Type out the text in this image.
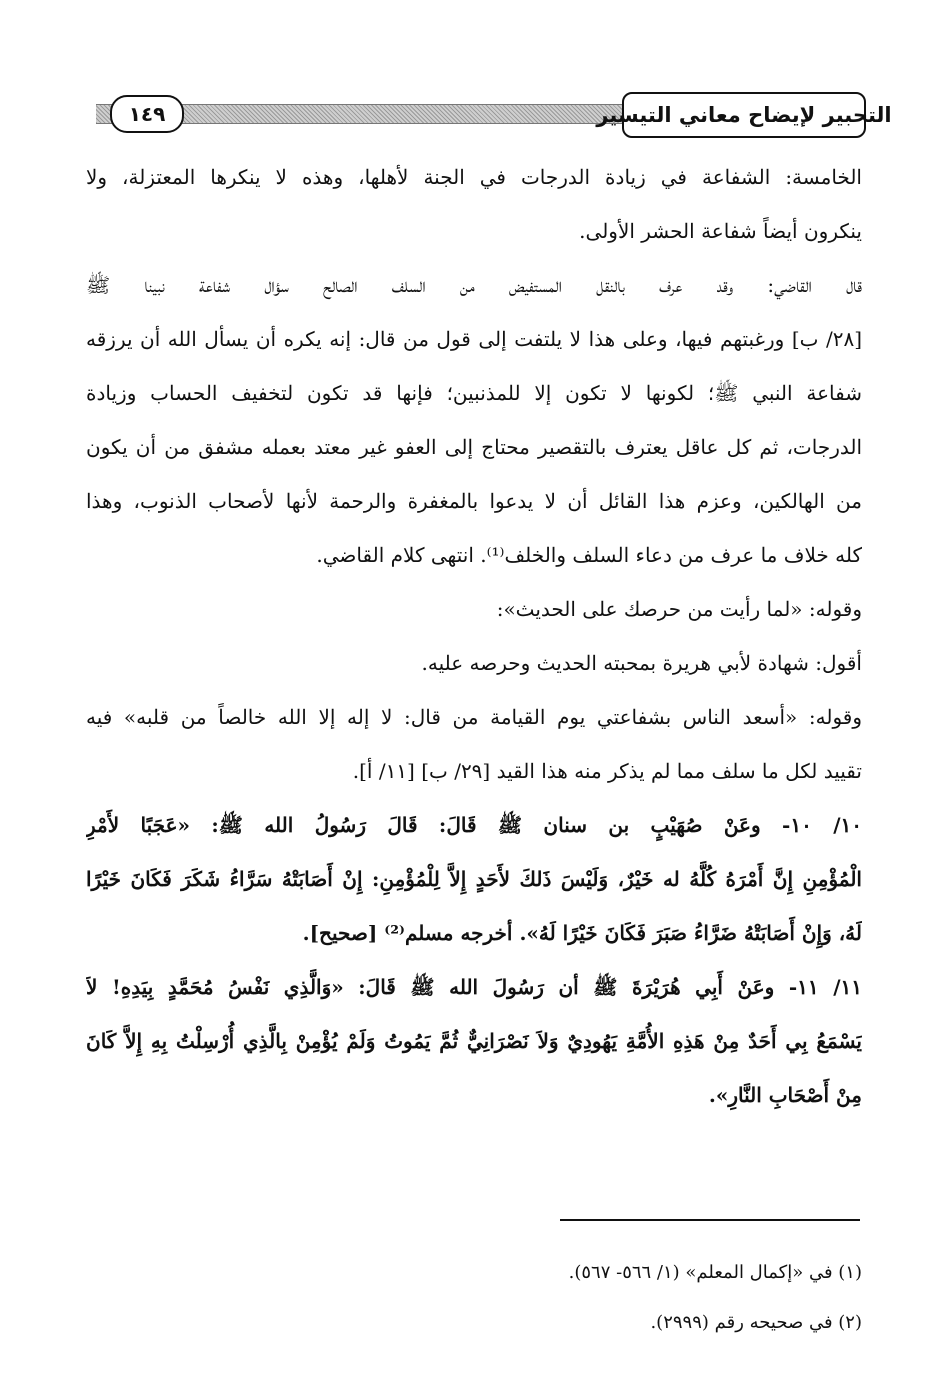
١٤٩	التحبير لإيضاح معاني التيسير
الخامسة: الشفاعة في زيادة الدرجات في الجنة لأهلها، وهذه لا ينكرها المعتزلة، ولا
ينكرون أيضاً شفاعة الحشر الأولى.
قال القاضي: وقد عرف بالنقل المستفيض من السلف الصالح سؤال شفاعة نبينا ﷺ
[٢٨/ ب] ورغبتهم فيها، وعلى هذا لا يلتفت إلى قول من قال: إنه يكره أن يسأل الله أن يرزقه
شفاعة النبي ﷺ؛ لكونها لا تكون إلا للمذنبين؛ فإنها قد تكون لتخفيف الحساب وزيادة
الدرجات، ثم كل عاقل يعترف بالتقصير محتاج إلى العفو غير معتد بعمله مشفق من أن يكون
من الهالكين، وعزم هذا القائل أن لا يدعوا بالمغفرة والرحمة لأنها لأصحاب الذنوب، وهذا
كله خلاف ما عرف من دعاء السلف والخلف⁽¹⁾. انتهى كلام القاضي.
وقوله: «لما رأيت من حرصك على الحديث»:
أقول: شهادة لأبي هريرة بمحبته الحديث وحرصه عليه.
وقوله: «أسعد الناس بشفاعتي يوم القيامة من قال: لا إله إلا الله خالصاً من قلبه» فيه
تقييد لكل ما سلف مما لم يذكر منه هذا القيد [٢٩/ ب] [١١/ أ].
١٠/ ١٠- وعَنْ صُهَيْبٍ بن سنان ﷺ قَالَ: قَالَ رَسُولُ الله ﷺ: «عَجَبًا لأَمْرِ
الْمُؤْمِنِ إِنَّ أَمْرَهُ كُلَّهُ له خَيْرٌ، وَلَيْسَ ذَلكَ لأَحَدٍ إِلاَّ لِلْمُؤْمِنِ: إِنْ أَصَابَتْهُ سَرَّاءُ شَكَرَ فَكَانَ خَيْرًا
لَهُ، وَإِنْ أَصَابَتْهُ ضَرَّاءُ صَبَرَ فَكَانَ خَيْرًا لَهُ». أخرجه مسلم⁽²⁾ [صحيح].
١١/ ١١- وعَنْ أَبِي هُرَيْرَةَ ﷺ أن رَسُولَ الله ﷺ قَالَ: «وَالَّذِي نَفْسُ مُحَمَّدٍ بِيَدِهِ! لاَ
يَسْمَعُ بِي أَحَدٌ مِنْ هَذِهِ الأُمَّةِ يَهُودِيٌ وَلاَ نَصْرَانِيٌّ ثُمَّ يَمُوتُ وَلَمْ يُؤْمِنْ بِالَّذِي أُرْسِلْتُ بِهِ إِلاَّ كَانَ
مِنْ أَصْحَابِ النَّارِ».
(١) في «إكمال المعلم» (١/ ٥٦٦- ٥٦٧).
(٢) في صحيحه رقم (٢٩٩٩).
